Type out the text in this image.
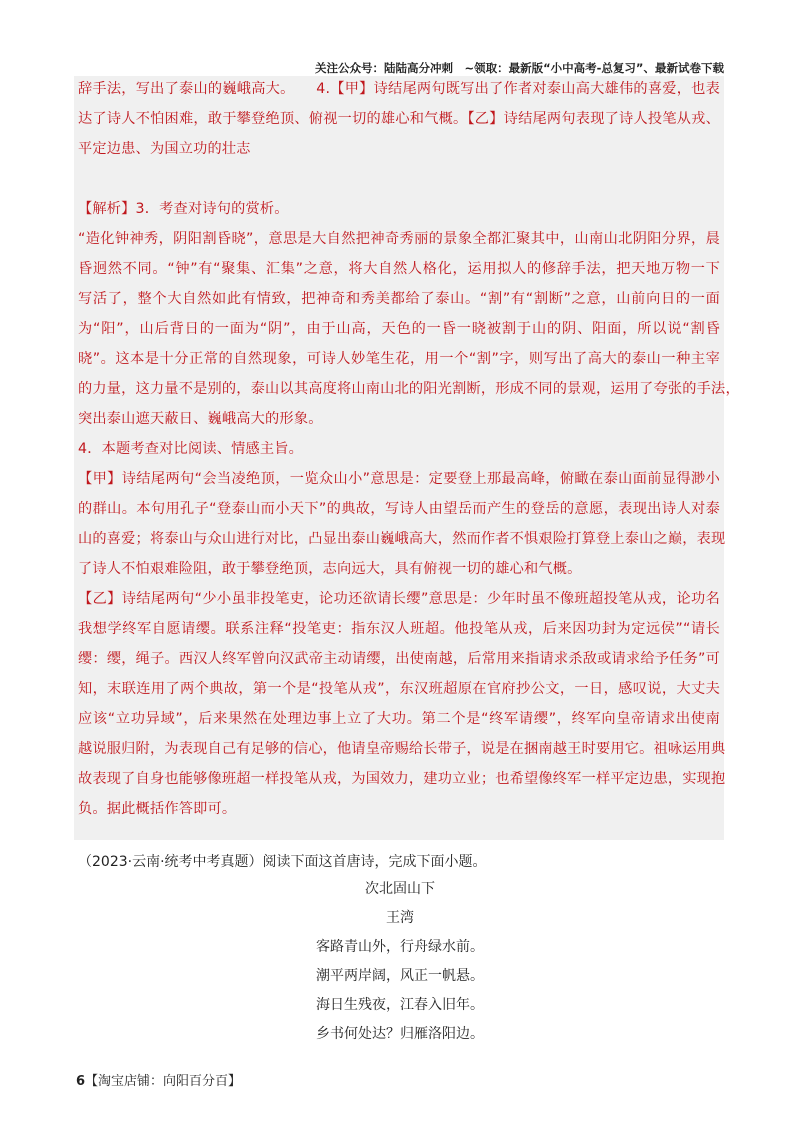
关注公众号：陆陆高分冲刺　~领取：最新版“小中高考-总复习”、最新试卷下载
辞手法，写出了泰山的巍峨高大。　　4.【甲】诗结尾两句既写出了作者对泰山高大雄伟的喜爱，也表
达了诗人不怕困难，敢于攀登绝顶、俯视一切的雄心和气概。【乙】诗结尾两句表现了诗人投笔从戎、
平定边患、为国立功的壮志
【解析】3．考查对诗句的赏析。
“造化钟神秀，阴阳割昏晓”，意思是大自然把神奇秀丽的景象全都汇聚其中，山南山北阴阳分界，晨
昏迥然不同。“钟”有“聚集、汇集”之意，将大自然人格化，运用拟人的修辞手法，把天地万物一下
写活了，整个大自然如此有情致，把神奇和秀美都给了泰山。“割”有“割断”之意，山前向日的一面
为“阳”，山后背日的一面为“阴”，由于山高，天色的一昏一晓被割于山的阴、阳面，所以说“割昏
晓”。这本是十分正常的自然现象，可诗人妙笔生花，用一个“割”字，则写出了高大的泰山一种主宰
的力量，这力量不是别的，泰山以其高度将山南山北的阳光割断，形成不同的景观，运用了夸张的手法，
突出泰山遮天蔽日、巍峨高大的形象。
4．本题考查对比阅读、情感主旨。
【甲】诗结尾两句“会当凌绝顶，一览众山小”意思是：定要登上那最高峰，俯瞰在泰山面前显得渺小
的群山。本句用孔子“登泰山而小天下”的典故，写诗人由望岳而产生的登岳的意愿，表现出诗人对泰
山的喜爱；将泰山与众山进行对比，凸显出泰山巍峨高大，然而作者不惧艰险打算登上泰山之巅，表现
了诗人不怕艰难险阻，敢于攀登绝顶，志向远大，具有俯视一切的雄心和气概。
【乙】诗结尾两句“少小虽非投笔吏，论功还欲请长缨”意思是：少年时虽不像班超投笔从戎，论功名
我想学终军自愿请缨。联系注释“投笔吏：指东汉人班超。他投笔从戎，后来因功封为定远侯”“请长
缨：缨，绳子。西汉人终军曾向汉武帝主动请缨，出使南越，后常用来指请求杀敌或请求给予任务”可
知，末联连用了两个典故，第一个是“投笔从戎”，东汉班超原在官府抄公文，一日，感叹说，大丈夫
应该“立功异域”，后来果然在处理边事上立了大功。第二个是“终军请缨”，终军向皇帝请求出使南
越说服归附，为表现自己有足够的信心，他请皇帝赐给长带子，说是在捆南越王时要用它。祖咏运用典
故表现了自身也能够像班超一样投笔从戎，为国效力，建功立业；也希望像终军一样平定边患，实现抱
负。据此概括作答即可。
（2023·云南·统考中考真题）阅读下面这首唐诗，完成下面小题。
次北固山下
王湾
客路青山外，行舟绿水前。
潮平两岸阔，风正一帆悬。
海日生残夜，江春入旧年。
乡书何处达？归雁洛阳边。
6【淘宝店铺：向阳百分百】
